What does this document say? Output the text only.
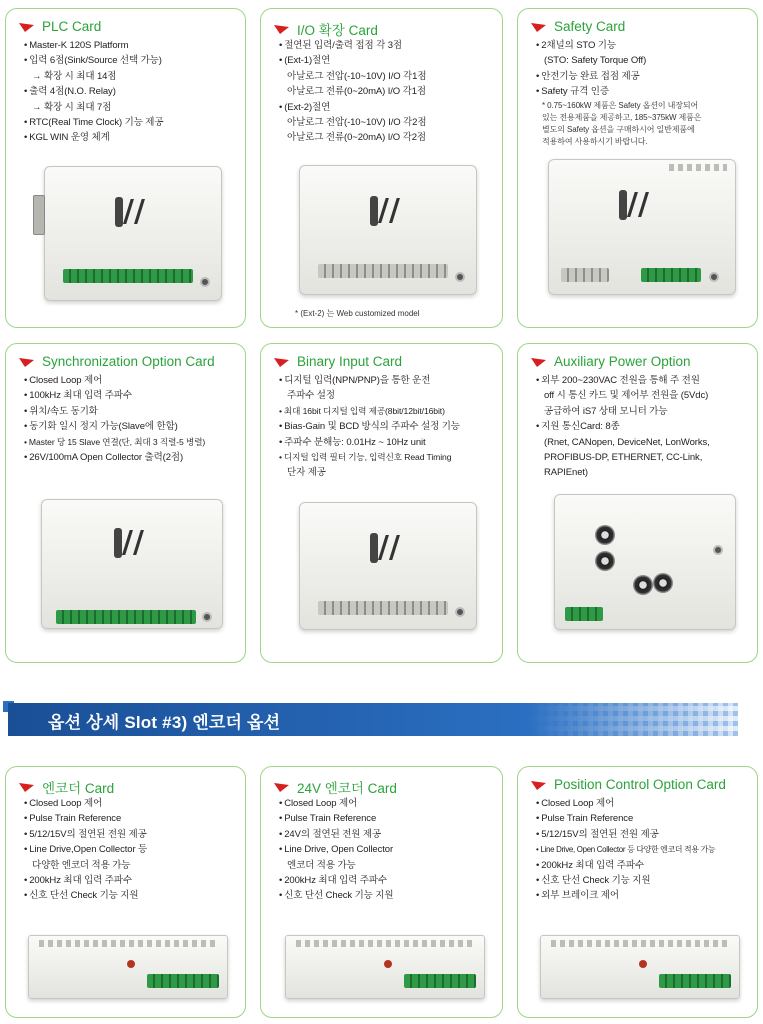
PLC Card
• Master-K 120S Platform
• 입력 6점(Sink/Source 선택 가능)
→ 확장 시 최대 14점
• 출력 4점(N.O. Relay)
→ 확장 시 최대 7점
• RTC(Real Time Clock) 기능 제공
• KGL WIN 운영 체계
//
I/O 확장 Card
• 절연된 입력/출력 접점 각 3점
• (Ext-1)절연
아날로그 전압(-10~10V) I/O 각1점
아날로그 전류(0~20mA) I/O 각1점
• (Ext-2)절연
아날로그 전압(-10~10V) I/O 각2점
아날로그 전류(0~20mA) I/O 각2점
//
* (Ext-2) 는 Web customized model
Safety Card
• 2채널의 STO 기능
(STO: Safety Torque Off)
• 안전기능 완료 접점 제공
• Safety 규격 인증
* 0.75~160kW 제품은 Safety 옵션이 내장되어
있는 전용제품을 제공하고, 185~375kW 제품은
별도의 Safety 옵션을 구매하시어 일반제품에
적용하여 사용하시기 바랍니다.
//
Synchronization Option Card
• Closed Loop 제어
• 100kHz 최대 입력 주파수
• 위치/속도 동기화
• 동기화 일시 정지 가능(Slave에 한함)
• Master 당 15 Slave 연결(단, 최대 3 직렬-5 병렬)
• 26V/100mA Open Collector 출력(2점)
//
Binary Input Card
• 디지털 입력(NPN/PNP)을 통한 운전
주파수 설정
• 최대 16bit 디지털 입력 제공(8bit/12bit/16bit)
• Bias-Gain 및 BCD 방식의 주파수 설정 기능
• 주파수 분해능: 0.01Hz ~ 10Hz unit
• 디지털 입력 필터 기능, 입력신호 Read Timing
단자 제공
//
Auxiliary Power Option
• 외부 200~230VAC 전원을 통해 주 전원
off 시 통신 카드 및 제어부 전원을 (5Vdc)
공급하여 iS7 상태 모니터 가능
• 지원 통신Card: 8종
(Rnet, CANopen, DeviceNet, LonWorks,
PROFIBUS-DP, ETHERNET, CC-Link,
RAPIEnet)
옵션 상세 Slot #3) 엔코더 옵션
엔코더 Card
• Closed Loop 제어
• Pulse Train Reference
• 5/12/15V의 절연된 전원 제공
• Line Drive,Open Collector 등
다양한 엔코더 적용 가능
• 200kHz 최대 입력 주파수
• 신호 단선 Check 기능 지원
24V 엔코더 Card
• Closed Loop 제어
• Pulse Train Reference
• 24V의 절연된 전원 제공
• Line Drive, Open Collector
엔코더 적용 가능
• 200kHz 최대 입력 주파수
• 신호 단선 Check 기능 지원
Position Control Option Card
• Closed Loop 제어
• Pulse Train Reference
• 5/12/15V의 절연된 전원 제공
• Line Drive, Open Collector 등 다양한 엔코더 적용 가능
• 200kHz 최대 입력 주파수
• 신호 단선 Check 기능 지원
• 외부 브레이크 제어
